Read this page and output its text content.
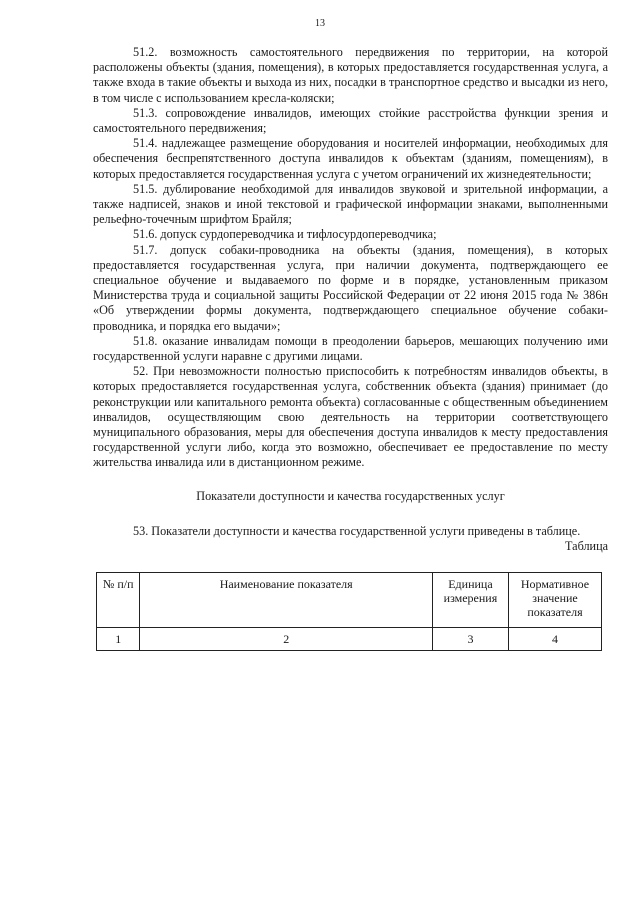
13

51.2. возможность самостоятельного передвижения по территории, на которой расположены объекты (здания, помещения), в которых предоставляется государственная услуга, а также входа в такие объекты и выхода из них, посадки в транспортное средство и высадки из него, в том числе с использованием кресла-коляски;

51.3. сопровождение инвалидов, имеющих стойкие расстройства функции зрения и самостоятельного передвижения;

51.4. надлежащее размещение оборудования и носителей информации, необходимых для обеспечения беспрепятственного доступа инвалидов к объектам (зданиям, помещениям), в которых предоставляется государственная услуга с учетом ограничений их жизнедеятельности;

51.5. дублирование необходимой для инвалидов звуковой и зрительной информации, а также надписей, знаков и иной текстовой и графической информации знаками, выполненными рельефно-точечным шрифтом Брайля;

51.6. допуск сурдопереводчика и тифлосурдопереводчика;

51.7. допуск собаки-проводника на объекты (здания, помещения), в которых предоставляется государственная услуга, при наличии документа, подтверждающего ее специальное обучение и выдаваемого по форме и в порядке, установленным приказом Министерства труда и социальной защиты Российской Федерации от 22 июня 2015 года № 386н «Об утверждении формы документа, подтверждающего специальное обучение собаки-проводника, и порядка его выдачи»;

51.8. оказание инвалидам помощи в преодолении барьеров, мешающих получению ими государственной услуги наравне с другими лицами.

52. При невозможности полностью приспособить к потребностям инвалидов объекты, в которых предоставляется государственная услуга, собственник объекта (здания) принимает (до реконструкции или капитального ремонта объекта) согласованные с общественным объединением инвалидов, осуществляющим свою деятельность на территории соответствующего муниципального образования, меры для обеспечения доступа инвалидов к месту предоставления государственной услуги либо, когда это возможно, обеспечивает ее предоставление по месту жительства инвалида или в дистанционном режиме.

Показатели доступности и качества государственных услуг

53. Показатели доступности и качества государственной услуги приведены в таблице.

Таблица

№ п/п	Наименование показателя	Единица измерения	Нормативное значение показателя
1	2	3	4
